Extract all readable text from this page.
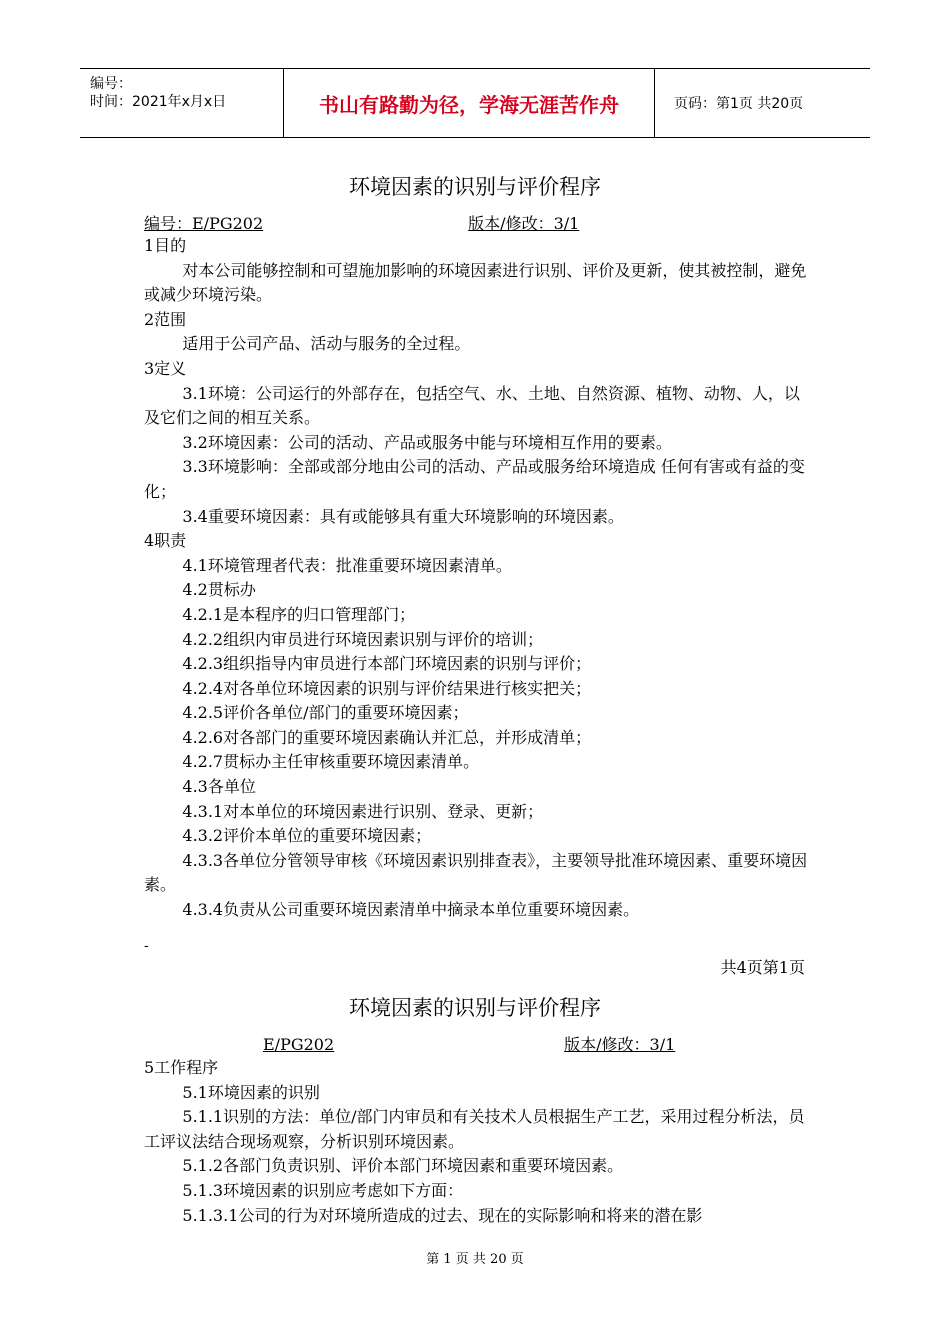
编号：
时间：2021年x月x日	书山有路勤为径，学海无涯苦作舟	页码：第1页 共20页
环境因素的识别与评价程序
编号：E/PG202	版本/修改：3/1

1目的

对本公司能够控制和可望施加影响的环境因素进行识别、评价及更新，使其被控制，避免或减少环境污染。

2范围

适用于公司产品、活动与服务的全过程。

3定义

3.1环境：公司运行的外部存在，包括空气、水、土地、自然资源、植物、动物、人，以及它们之间的相互关系。

3.2环境因素：公司的活动、产品或服务中能与环境相互作用的要素。

3.3环境影响：全部或部分地由公司的活动、产品或服务给环境造成 任何有害或有益的变化；

3.4重要环境因素：具有或能够具有重大环境影响的环境因素。

4职责

4.1环境管理者代表：批准重要环境因素清单。

4.2贯标办

4.2.1是本程序的归口管理部门；

4.2.2组织内审员进行环境因素识别与评价的培训；

4.2.3组织指导内审员进行本部门环境因素的识别与评价；

4.2.4对各单位环境因素的识别与评价结果进行核实把关；

4.2.5评价各单位/部门的重要环境因素；

4.2.6对各部门的重要环境因素确认并汇总，并形成清单；

4.2.7贯标办主任审核重要环境因素清单。

4.3各单位

4.3.1对本单位的环境因素进行识别、登录、更新；

4.3.2评价本单位的重要环境因素；

4.3.3各单位分管领导审核《环境因素识别排查表》，主要领导批准环境因素、重要环境因素。

4.3.4负责从公司重要环境因素清单中摘录本单位重要环境因素。

-
共4页第1页
环境因素的识别与评价程序
E/PG202	版本/修改：3/1

5工作程序

5.1环境因素的识别

5.1.1识别的方法：单位/部门内审员和有关技术人员根据生产工艺，采用过程分析法，员工评议法结合现场观察，分析识别环境因素。

5.1.2各部门负责识别、评价本部门环境因素和重要环境因素。

5.1.3环境因素的识别应考虑如下方面：

5.1.3.1公司的行为对环境所造成的过去、现在的实际影响和将来的潜在影

第 1 页 共 20 页
